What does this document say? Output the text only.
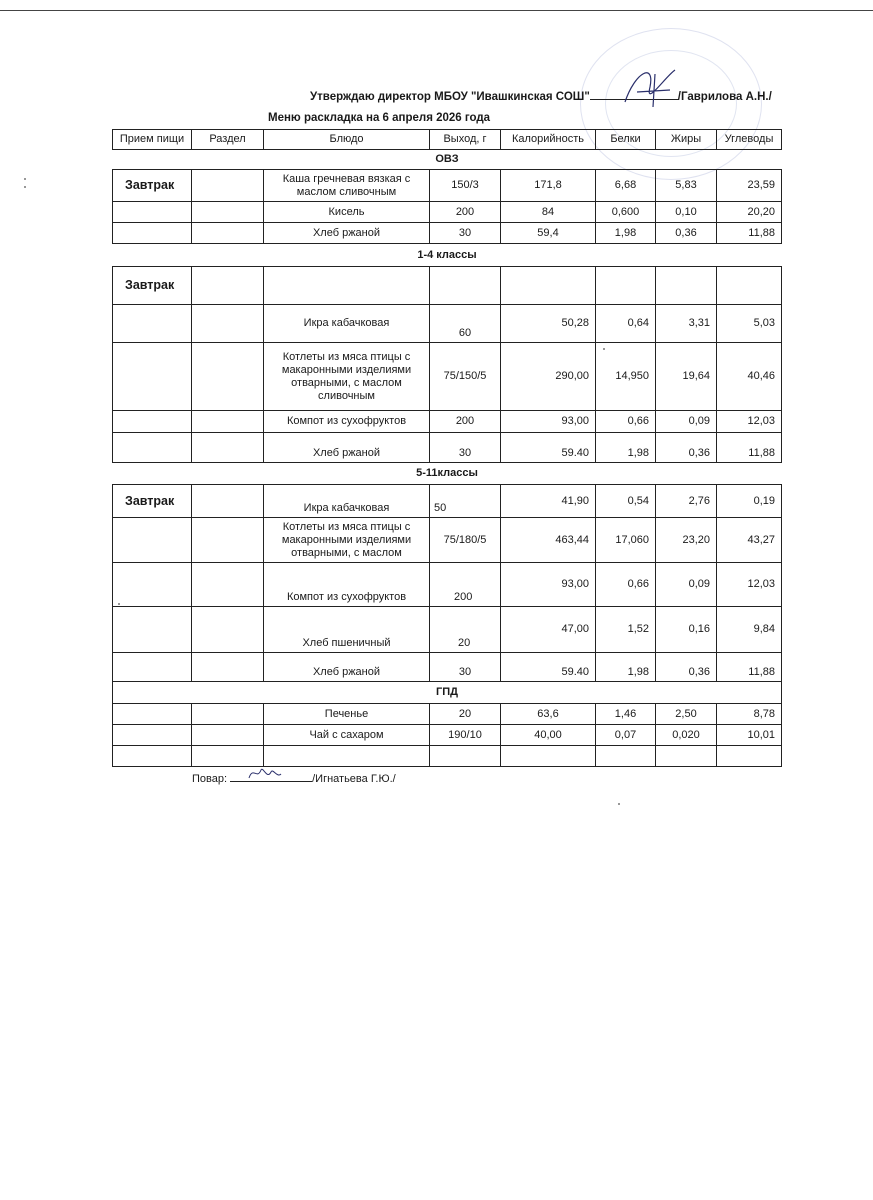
Утверждаю директор МБОУ "Ивашкинская СОШ"	/Гаврилова А.Н./
Меню раскладка на 6 апреля 2026 года
Прием пищи	Раздел	Блюдо	Выход, г	Калорийность	Белки	Жиры	Углеводы
ОВЗ							
Завтрак		Каша гречневая вязкая с маслом сливочным	150/3	171,8	6,68	5,83	23,59
		Кисель	200	84	0,600	0,10	20,20
		Хлеб ржаной	30	59,4	1,98	0,36	11,88
1-4 классы							
Завтрак							
		Икра кабачковая	60	50,28	0,64	3,31	5,03
		Котлеты из мяса птицы с макаронными изделиями отварными, с маслом сливочным	75/150/5	290,00	14,950	19,64	40,46
		Компот из сухофруктов	200	93,00	0,66	0,09	12,03
		Хлеб ржаной	30	59.40	1,98	0,36	11,88
5-11классы							
Завтрак		Икра кабачковая	50	41,90	0,54	2,76	0,19
		Котлеты из мяса птицы с макаронными изделиями отварными, с маслом	75/180/5	463,44	17,060	23,20	43,27
		Компот из сухофруктов	200	93,00	0,66	0,09	12,03
		Хлеб пшеничный	20	47,00	1,52	0,16	9,84
		Хлеб ржаной	30	59.40	1,98	0,36	11,88
ГПД							
		Печенье	20	63,6	1,46	2,50	8,78
		Чай с сахаром	190/10	40,00	0,07	0,020	10,01

Повар:	/Игнатьева Г.Ю./
